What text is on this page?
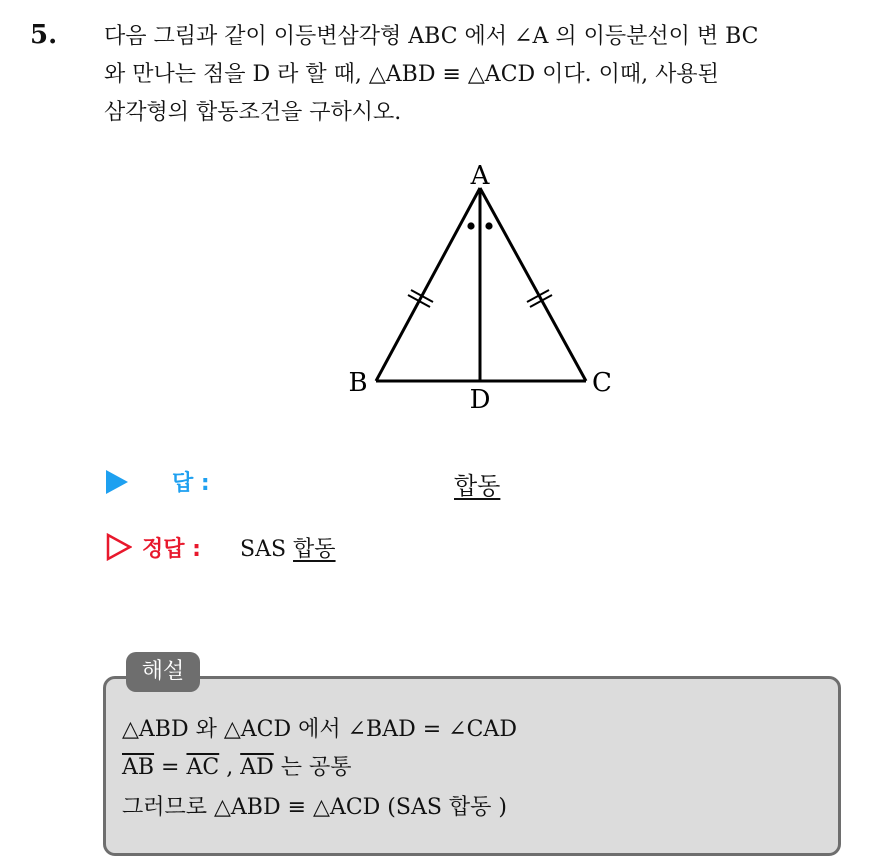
5. 다음 그림과 같이 이등변삼각형 ABC 에서 ∠A 의 이등분선이 변 BC
와 만나는 점을 D 라 할 때, △ABD ≡ △ACD 이다. 이때, 사용된
삼각형의 합동조건을 구하시오.
A
B	C
D
답 :	합동
정답 : SAS 합동
해설
△ABD 와 △ACD 에서 ∠BAD = ∠CAD
$\overline{AB} = \overline{AC}$ , $\overline{AD}$ 는 공통
그러므로 △ABD ≡ △ACD (SAS 합동 )
